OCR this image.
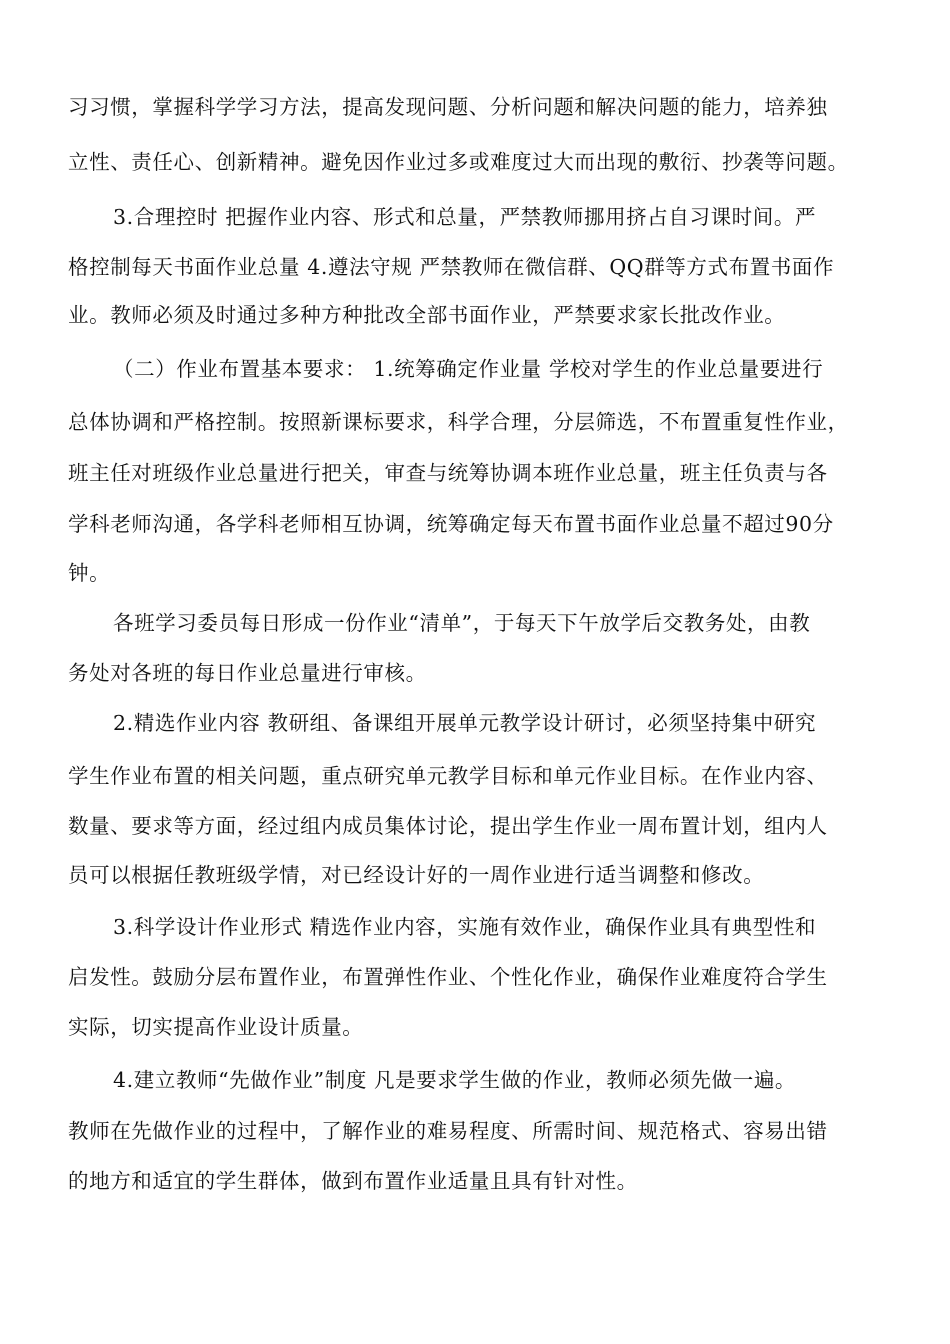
习习惯，掌握科学学习方法，提高发现问题、分析问题和解决问题的能力，培养独
立性、责任心、创新精神。避免因作业过多或难度过大而出现的敷衍、抄袭等问题。
3.合理控时 把握作业内容、形式和总量，严禁教师挪用挤占自习课时间。严
格控制每天书面作业总量 4.遵法守规 严禁教师在微信群、QQ群等方式布置书面作
业。教师必须及时通过多种方种批改全部书面作业，严禁要求家长批改作业。
（二）作业布置基本要求： 1.统筹确定作业量 学校对学生的作业总量要进行
总体协调和严格控制。按照新课标要求，科学合理，分层筛选，不布置重复性作业，
班主任对班级作业总量进行把关，审查与统筹协调本班作业总量，班主任负责与各
学科老师沟通，各学科老师相互协调，统筹确定每天布置书面作业总量不超过90分
钟。
各班学习委员每日形成一份作业“清单”，于每天下午放学后交教务处，由教
务处对各班的每日作业总量进行审核。
2.精选作业内容 教研组、备课组开展单元教学设计研讨，必须坚持集中研究
学生作业布置的相关问题，重点研究单元教学目标和单元作业目标。在作业内容、
数量、要求等方面，经过组内成员集体讨论，提出学生作业一周布置计划，组内人
员可以根据任教班级学情，对已经设计好的一周作业进行适当调整和修改。
3.科学设计作业形式 精选作业内容，实施有效作业，确保作业具有典型性和
启发性。鼓励分层布置作业，布置弹性作业、个性化作业，确保作业难度符合学生
实际，切实提高作业设计质量。
4.建立教师“先做作业”制度 凡是要求学生做的作业，教师必须先做一遍。
教师在先做作业的过程中，了解作业的难易程度、所需时间、规范格式、容易出错
的地方和适宜的学生群体，做到布置作业适量且具有针对性。
